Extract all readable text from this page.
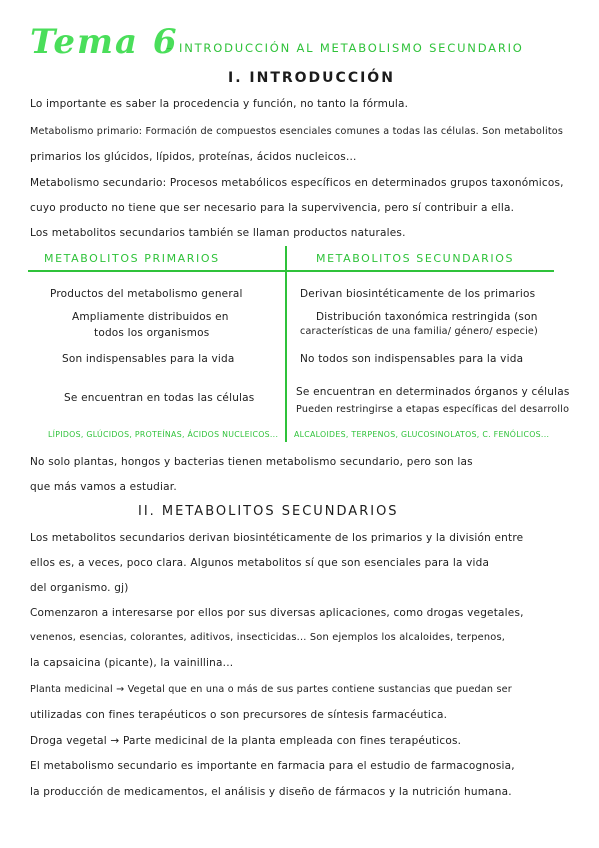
Tema 6
– INTRODUCCIÓN AL METABOLISMO SECUNDARIO
I. INTRODUCCIÓN
Lo importante es saber la procedencia y función, no tanto la fórmula.
Metabolismo primario: Formación de compuestos esenciales comunes a todas las células. Son metabolitos
primarios los glúcidos, lípidos, proteínas, ácidos nucleicos...
Metabolismo secundario: Procesos metabólicos específicos en determinados grupos taxonómicos,
cuyo producto no tiene que ser necesario para la supervivencia, pero sí contribuir a ella.
Los metabolitos secundarios también se llaman productos naturales.
METABOLITOS PRIMARIOS	METABOLITOS SECUNDARIOS
Productos del metabolismo general
Ampliamente distribuidos en
todos los organismos
Son indispensables para la vida
Se encuentran en todas las células
Derivan biosintéticamente de los primarios
Distribución taxonómica restringida (son
características de una familia/ género/ especie)
No todos son indispensables para la vida
Se encuentran en determinados órganos y células
Pueden restringirse a etapas específicas del desarrollo
LÍPIDOS, GLÚCIDOS, PROTEÍNAS, ÁCIDOS NUCLEICOS... ALCALOIDES, TERPENOS, GLUCOSINOLATOS, C. FENÓLICOS...
No solo plantas, hongos y bacterias tienen metabolismo secundario, pero son las
que más vamos a estudiar.
II. METABOLITOS SECUNDARIOS
Los metabolitos secundarios derivan biosintéticamente de los primarios y la división entre
ellos es, a veces, poco clara. Algunos metabolitos sí que son esenciales para la vida
del organismo. gj)
Comenzaron a interesarse por ellos por sus diversas aplicaciones, como drogas vegetales,
venenos, esencias, colorantes, aditivos, insecticidas... Son ejemplos los alcaloides, terpenos,
la capsaicina (picante), la vainillina...
Planta medicinal → Vegetal que en una o más de sus partes contiene sustancias que puedan ser
utilizadas con fines terapéuticos o son precursores de síntesis farmacéutica.
Droga vegetal → Parte medicinal de la planta empleada con fines terapéuticos.
El metabolismo secundario es importante en farmacia para el estudio de farmacognosia,
la producción de medicamentos, el análisis y diseño de fármacos y la nutrición humana.
